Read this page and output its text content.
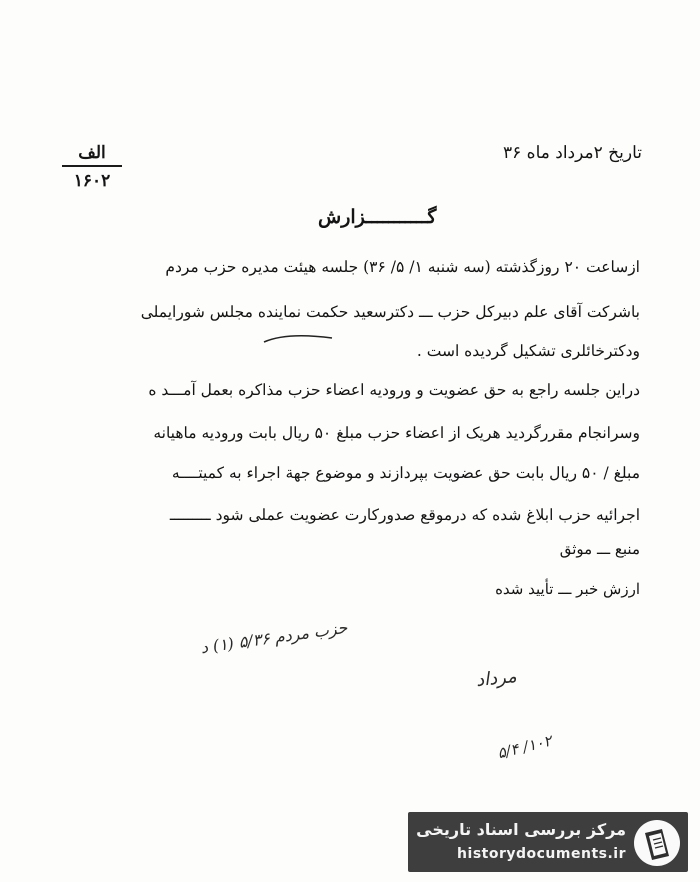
تاریخ ۲مرداد ماه ۳۶
الف
۱۶۰۲
گـــــــــــزارش
ازساعت ۲۰ روزگذشته (سه شنبه ۱/ ۵/ ۳۶) جلسه هیئت مدیره حزب مردم
باشرکت آقای علم دبیرکل حزب ـــ دکترسعید حکمت نماینده مجلس شورایملی
ودکترخائلری تشکیل گردیده است .
دراین جلسه راجع به حق عضویت و ورودیه اعضاء حزب مذاکره بعمل آمـــد ه
وسرانجام مقررگردید هریک از اعضاء حزب مبلغ ۵۰ ریال بابت ورودیه ماهیانه
مبلغ / ۵۰ ریال بابت حق عضویت بپردازند و موضوع جهة اجراء به کمیتــــه
اجرائیه حزب ابلاغ شده که درموقع صدورکارت عضویت عملی شود ـــــــــ
منبع ـــ موثق
ارزش خبر ـــ تأیید شده
حزب مردم ۵/۳۶ (۱) د
مرداد
۱۰۲/ ۵/۴
مرکز بررسی اسناد تاریخی
historydocuments.ir
